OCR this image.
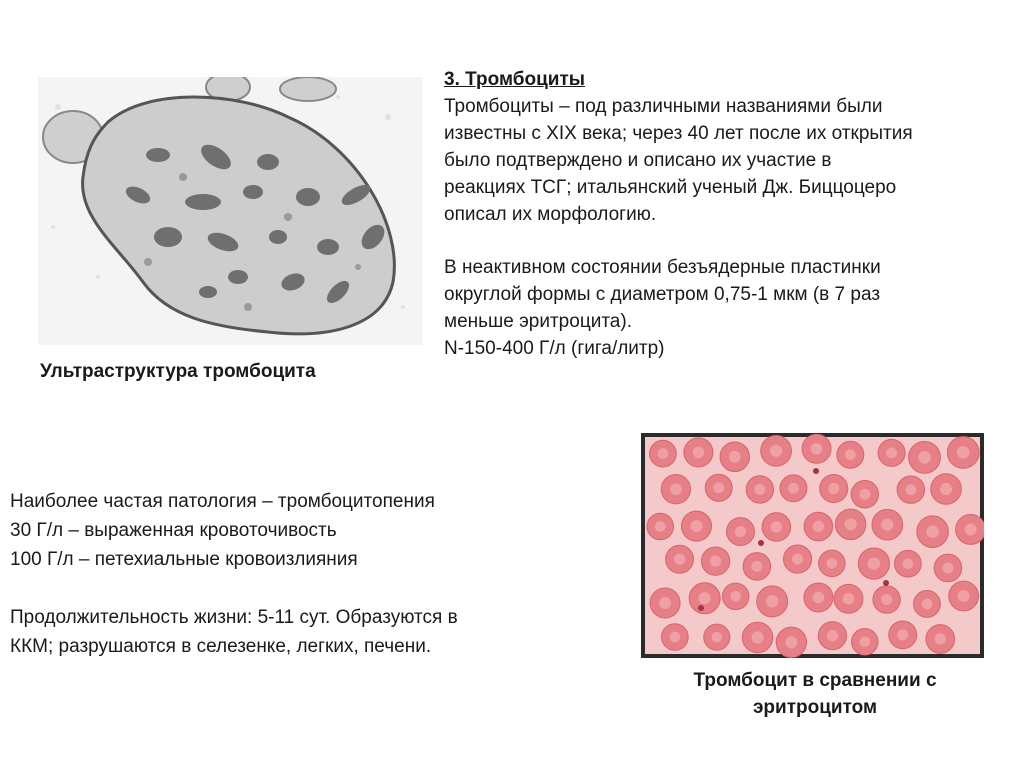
Ультраструктура тромбоцита

3. Тромбоциты

Тромбоциты – под различными названиями были

известны с XIX века; через 40 лет после их открытия

было подтверждено и описано их участие в

реакциях ТСГ; итальянский ученый Дж. Биццоцеро

описал их морфологию.

В неактивном состоянии безъядерные пластинки

округлой формы с диаметром 0,75-1 мкм (в 7 раз

меньше эритроцита).

N-150-400 Г/л (гига/литр)

Тромбоцит в сравнении с
эритроцитом

Наиболее частая патология – тромбоцитопения

30 Г/л – выраженная кровоточивость

100 Г/л – петехиальные кровоизлияния

Продолжительность жизни: 5-11 сут. Образуются в

ККМ; разрушаются в селезенке, легких, печени.
